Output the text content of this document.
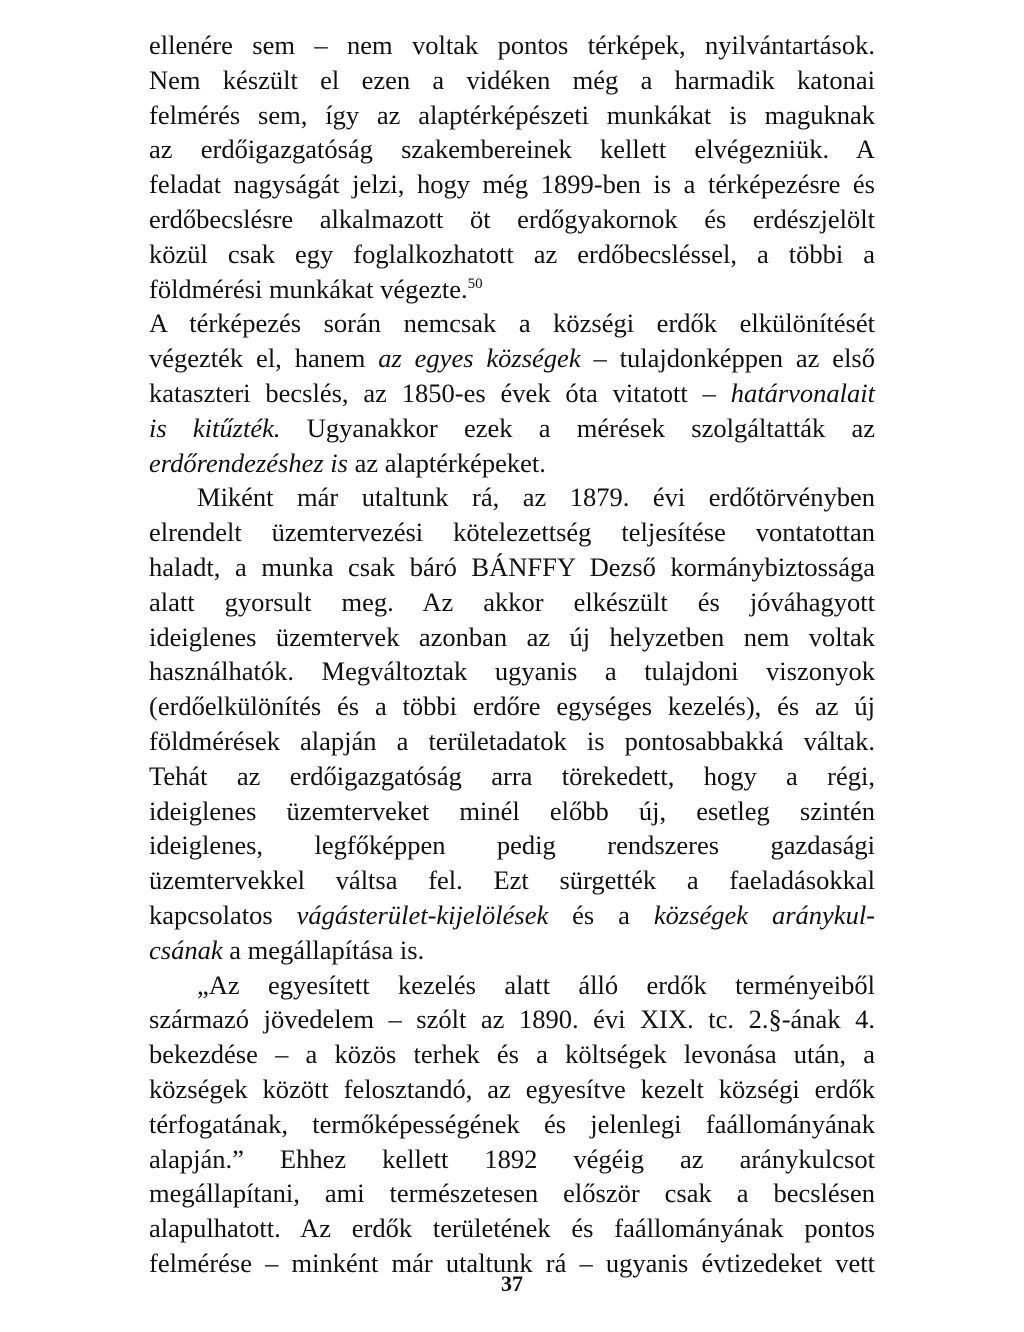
ellenére sem – nem voltak pontos térképek, nyilvántartások.
Nem készült el ezen a vidéken még a harmadik katonai
felmérés sem, így az alaptérképészeti munkákat is maguknak
az erdőigazgatóság szakembereinek kellett elvégezniük. A
feladat nagyságát jelzi, hogy még 1899-ben is a térképezésre és
erdőbecslésre alkalmazott öt erdőgyakornok és erdészjelölt
közül csak egy foglalkozhatott az erdőbecsléssel, a többi a
földmérési munkákat végezte.$^{50}$
A térképezés során nemcsak a községi erdők elkülönítését
végezték el, hanem az egyes községek – tulajdonképpen az első
kataszteri becslés, az 1850-es évek óta vitatott – határvonalait
is kitűzték. Ugyanakkor ezek a mérések szolgáltatták az
erdőrendezéshez is az alaptérképeket.
Miként már utaltunk rá, az 1879. évi erdőtörvényben
elrendelt üzemtervezési kötelezettség teljesítése vontatottan
haladt, a munka csak báró BÁNFFY Dezső kormánybiztossága
alatt gyorsult meg. Az akkor elkészült és jóváhagyott
ideiglenes üzemtervek azonban az új helyzetben nem voltak
használhatók. Megváltoztak ugyanis a tulajdoni viszonyok
(erdőelkülönítés és a többi erdőre egységes kezelés), és az új
földmérések alapján a területadatok is pontosabbakká váltak.
Tehát az erdőigazgatóság arra törekedett, hogy a régi,
ideiglenes üzemterveket minél előbb új, esetleg szintén
ideiglenes, legfőképpen pedig rendszeres gazdasági
üzemtervekkel váltsa fel. Ezt sürgették a faeladásokkal
kapcsolatos vágásterület-kijelölések és a községek aránykul-
csának a megállapítása is.
„Az egyesített kezelés alatt álló erdők terményeiből
származó jövedelem – szólt az 1890. évi XIX. tc. 2.§-ának 4.
bekezdése – a közös terhek és a költségek levonása után, a
községek között felosztandó, az egyesítve kezelt községi erdők
térfogatának, termőképességének és jelenlegi faállományának
alapján.” Ehhez kellett 1892 végéig az aránykulcsot
megállapítani, ami természetesen először csak a becslésen
alapulhatott. Az erdők területének és faállományának pontos
felmérése – minként már utaltunk rá – ugyanis évtizedeket vett
37
